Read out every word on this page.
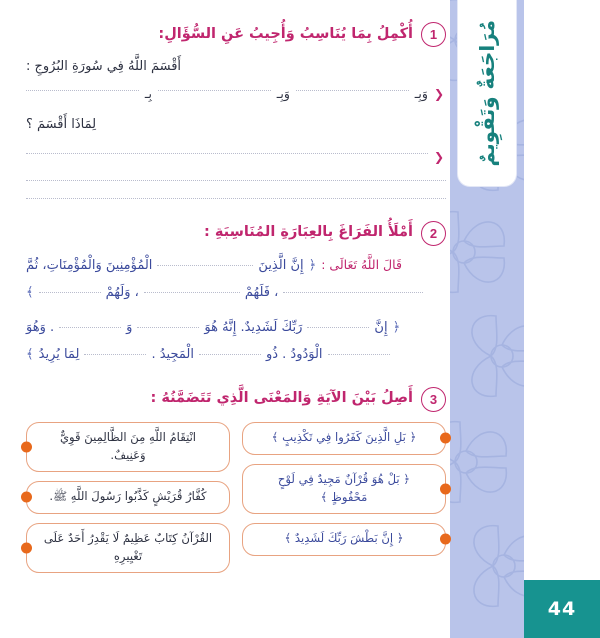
مُرَاجَعَةٌ وَتَقْوِيمٌ
44
1
أُكْمِلُ بِمَا يُنَاسِبُ وَأُجِيبُ عَنِ السُّؤَالِ:
أَقْسَمَ اللَّهُ فِي سُورَةِ البُرُوجِ :
❮
وَبِـ
وَبِـ
بِـ
لِمَاذَا أَقْسَمَ ؟
❮
2
أَمْلَأُ الفَرَاغَ بِالعِبَارَةِ المُنَاسِبَةِ :
قَالَ اللَّهُ تَعَالَى :
﴿
إِنَّ الَّذِينَ
الْمُؤْمِنِينَ وَالْمُؤْمِنَاتِ، ثُمَّ
، فَلَهُمْ
، وَلَهُمْ
﴾
﴿
إِنَّ
رَبِّكَ لَشَدِيدٌ. إِنَّهُ هُوَ
وَ
. وَهُوَ
الْوَدُودُ . ذُو
الْمَجِيدُ .
لِمَا يُرِيدُ
﴾
3
أَصِلُ بَيْنَ الآيَةِ وَالمَعْنَى الَّذِي تَتَضَمَّنُهُ :
﴿ بَلِ الَّذِينَ كَفَرُوا فِي تَكْذِيبٍ ﴾
﴿ بَلْ هُوَ قُرْآنٌ مَجِيدٌ فِي لَوْحٍ مَحْفُوظٍ ﴾
﴿ إِنَّ بَطْشَ رَبِّكَ لَشَدِيدٌ ﴾
انْتِقَامُ اللَّهِ مِنَ الظَّالِمِينَ قَوِيٌّ وَعَنِيفٌ.
كُفَّارُ قُرَيْشٍ كَذَّبُوا رَسُولَ اللَّهِ ﷺ.
القُرْآنُ كِتَابٌ عَظِيمٌ لَا يَقْدِرُ أَحَدٌ عَلَى تَغْيِيرِهِ
